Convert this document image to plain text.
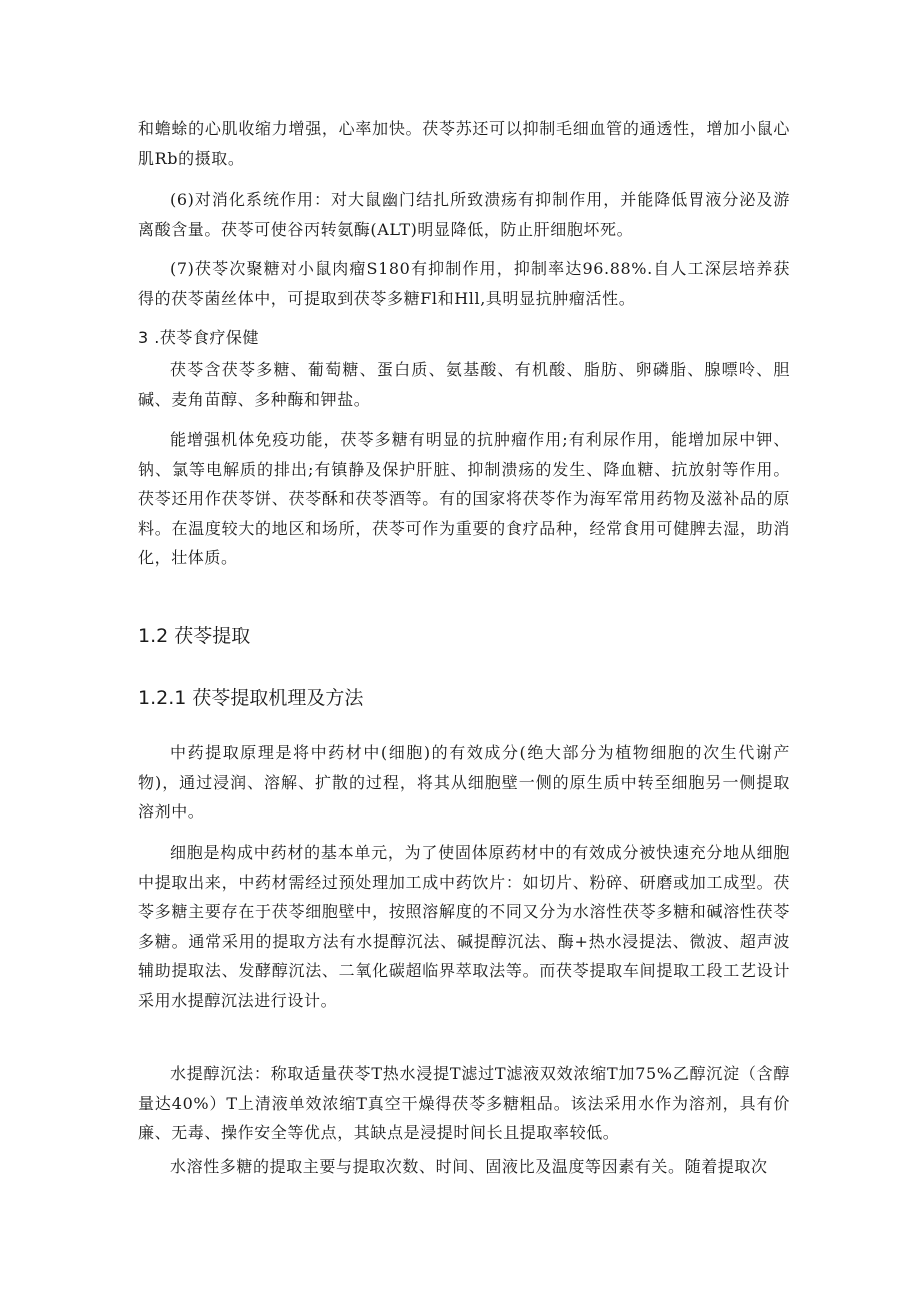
和蟾蜍的心肌收缩力增强，心率加快。茯苓苏还可以抑制毛细血管的通透性，增加小鼠心肌Rb的摄取。

(6)对消化系统作用：对大鼠幽门结扎所致溃疡有抑制作用，并能降低胃液分泌及游离酸含量。茯苓可使谷丙转氨酶(ALT)明显降低，防止肝细胞坏死。

(7)茯苓次聚糖对小鼠肉瘤S180有抑制作用，抑制率达96.88%.自人工深层培养获得的茯苓菌丝体中，可提取到茯苓多糖Fl和Hll,具明显抗肿瘤活性。

3 .茯苓食疗保健

茯苓含茯苓多糖、葡萄糖、蛋白质、氨基酸、有机酸、脂肪、卵磷脂、腺嘌呤、胆碱、麦角苗醇、多种酶和钾盐。

能增强机体免疫功能，茯苓多糖有明显的抗肿瘤作用;有利尿作用，能增加尿中钾、钠、氯等电解质的排出;有镇静及保护肝脏、抑制溃疡的发生、降血糖、抗放射等作用。茯苓还用作茯苓饼、茯苓酥和茯苓酒等。有的国家将茯苓作为海军常用药物及滋补品的原料。在温度较大的地区和场所，茯苓可作为重要的食疗品种，经常食用可健脾去湿，助消化，壮体质。

1.2 茯苓提取
1.2.1 茯苓提取机理及方法

中药提取原理是将中药材中(细胞)的有效成分(绝大部分为植物细胞的次生代谢产物)，通过浸润、溶解、扩散的过程，将其从细胞壁一侧的原生质中转至细胞另一侧提取溶剂中。

细胞是构成中药材的基本单元，为了使固体原药材中的有效成分被快速充分地从细胞中提取出来，中药材需经过预处理加工成中药饮片：如切片、粉碎、研磨或加工成型。茯苓多糖主要存在于茯苓细胞壁中，按照溶解度的不同又分为水溶性茯苓多糖和碱溶性茯苓多糖。通常采用的提取方法有水提醇沉法、碱提醇沉法、酶+热水浸提法、微波、超声波辅助提取法、发酵醇沉法、二氧化碳超临界萃取法等。而茯苓提取车间提取工段工艺设计采用水提醇沉法进行设计。

水提醇沉法：称取适量茯苓T热水浸提T滤过T滤液双效浓缩T加75%乙醇沉淀（含醇量达40%）T上清液单效浓缩T真空干燥得茯苓多糖粗品。该法采用水作为溶剂，具有价廉、无毒、操作安全等优点，其缺点是浸提时间长且提取率较低。

水溶性多糖的提取主要与提取次数、时间、固液比及温度等因素有关。随着提取次
